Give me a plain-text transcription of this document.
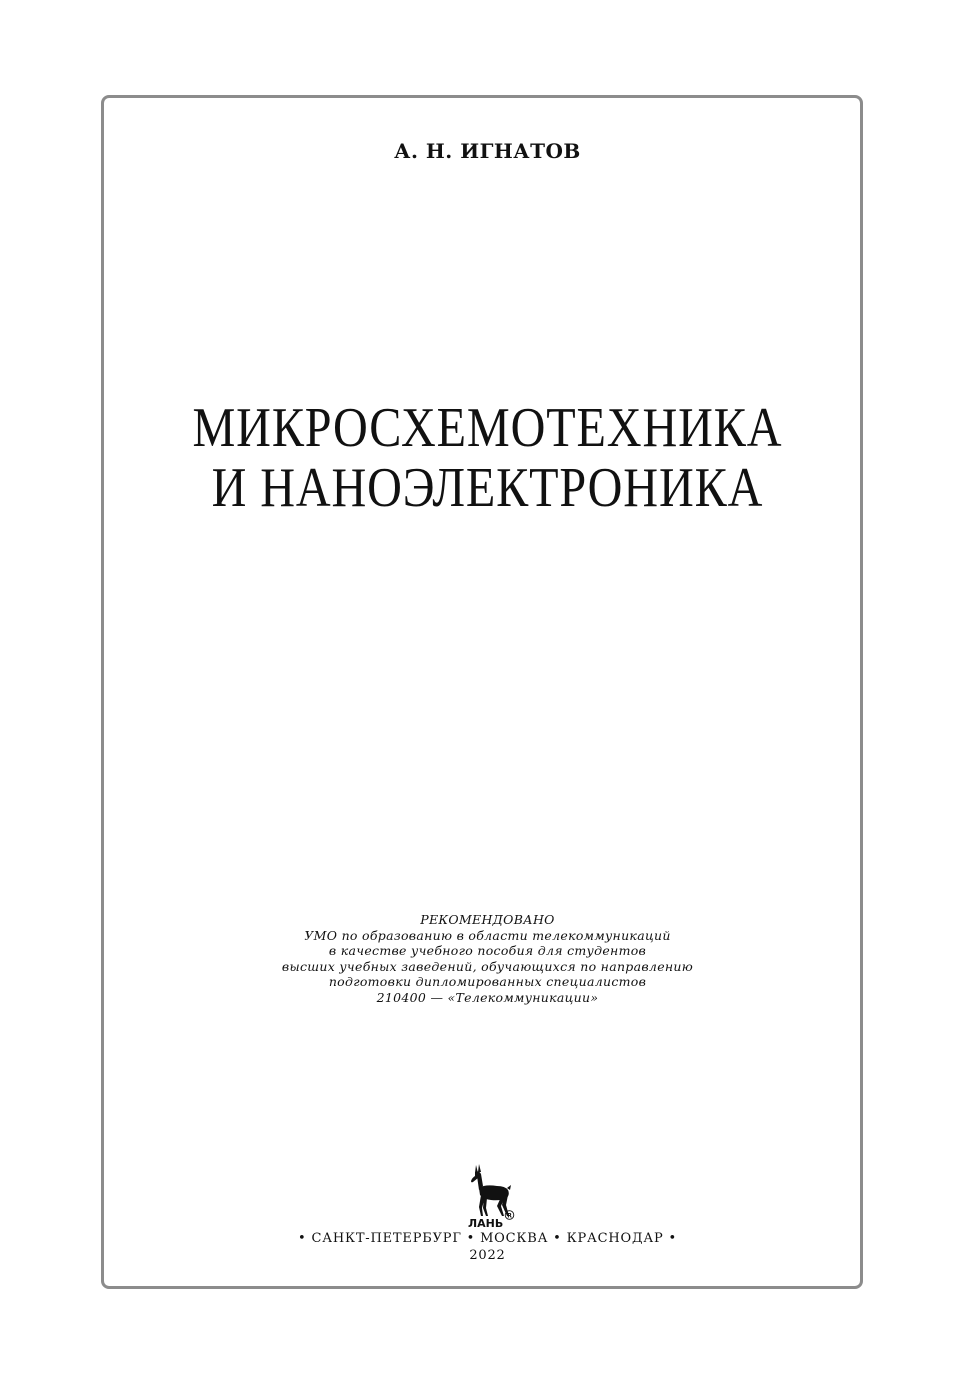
А. Н. ИГНАТОВ
МИКРОСХЕМОТЕХНИКА
И НАНОЭЛЕКТРОНИКА
РЕКОМЕНДОВАНО
УМО по образованию в области телекоммуникаций
в качестве учебного пособия для студентов
высших учебных заведений, обучающихся по направлению
подготовки дипломированных специалистов
210400 — «Телекоммуникации»
ЛАНЬ
R
• САНКТ-ПЕТЕРБУРГ • МОСКВА • КРАСНОДАР •
2022
